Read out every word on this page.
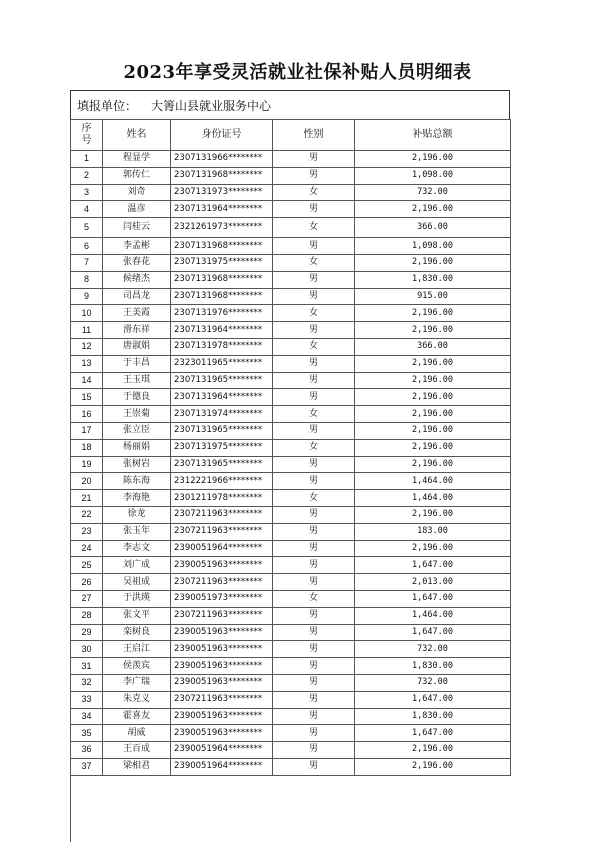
2023年享受灵活就业社保补贴人员明细表
填报单位： 大箐山县就业服务中心
序号	姓名	身份证号	性别	补贴总额
1	程显学	2307131966********	男	2,196.00
2	郭传仁	2307131968********	男	1,098.00
3	刘奇	2307131973********	女	732.00
4	温彦	2307131964********	男	2,196.00
5	闫桂云	2321261973********	女	366.00
6	李孟彬	2307131968********	男	1,098.00
7	张春花	2307131975********	女	2,196.00
8	候绪杰	2307131968********	男	1,830.00
9	司昌龙	2307131968********	男	915.00
10	王美霞	2307131976********	女	2,196.00
11	滑东祥	2307131964********	男	2,196.00
12	唐淑娟	2307131978********	女	366.00
13	于丰昌	2323011965********	男	2,196.00
14	王玉琪	2307131965********	男	2,196.00
15	于德良	2307131964********	男	2,196.00
16	王崇菊	2307131974********	女	2,196.00
17	张立臣	2307131965********	男	2,196.00
18	杨丽娟	2307131975********	女	2,196.00
19	张树岩	2307131965********	男	2,196.00
20	陈东海	2312221966********	男	1,464.00
21	李海艳	2301211978********	女	1,464.00
22	徐龙	2307211963********	男	2,196.00
23	张玉年	2307211963********	男	183.00
24	李志文	2390051964********	男	2,196.00
25	刘广成	2390051963********	男	1,647.00
26	吴祖成	2307211963********	男	2,013.00
27	于洪瑛	2390051973********	女	1,647.00
28	张文平	2307211963********	男	1,464.00
29	栾树良	2390051963********	男	1,647.00
30	王启江	2390051963********	男	732.00
31	侯羡宾	2390051963********	男	1,830.00
32	李广瑞	2390051963********	男	732.00
33	朱克义	2307211963********	男	1,647.00
34	霍喜友	2390051963********	男	1,830.00
35	胡威	2390051963********	男	1,647.00
36	王百成	2390051964********	男	2,196.00
37	梁相君	2390051964********	男	2,196.00
